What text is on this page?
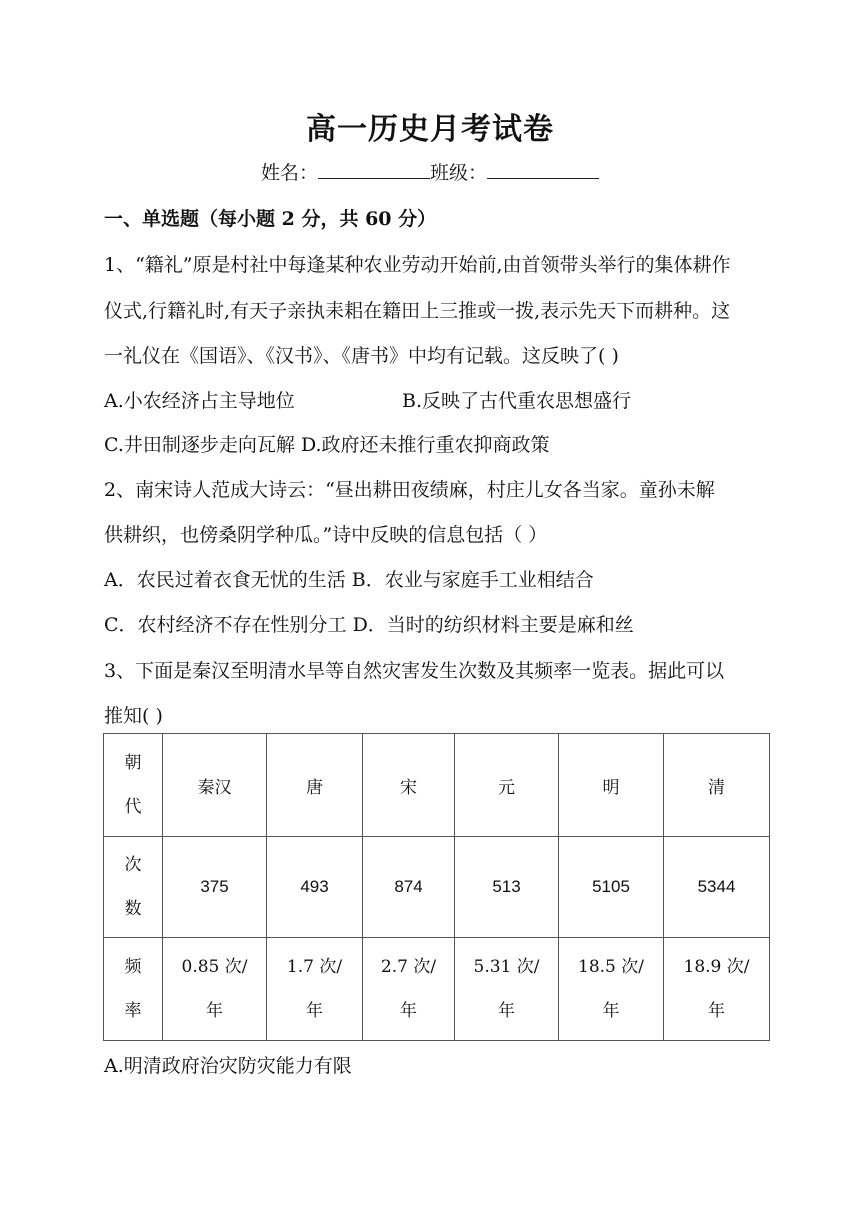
高一历史月考试卷
姓名：	班级：
一、单选题（每小题 2 分，共 60 分）
1、“籍礼”原是村社中每逢某种农业劳动开始前,由首领带头举行的集体耕作
仪式,行籍礼时,有天子亲执耒耜在籍田上三推或一拨,表示先天下而耕种。这
一礼仪在《国语》、《汉书》、《唐书》中均有记载。这反映了( )
A.小农经济占主导地位	B.反映了古代重农思想盛行
C.井田制逐步走向瓦解 D.政府还未推行重农抑商政策
2、南宋诗人范成大诗云：“昼出耕田夜绩麻，村庄儿女各当家。童孙未解
供耕织，也傍桑阴学种瓜。”诗中反映的信息包括（ ）
A．农民过着衣食无忧的生活 B．农业与家庭手工业相结合
C．农村经济不存在性别分工 D．当时的纺织材料主要是麻和丝
3、下面是秦汉至明清水旱等自然灾害发生次数及其频率一览表。据此可以
推知( )
朝
代	秦汉	唐	宋	元	明	清
次
数	375	493	874	513	5105	5344
频
率	0.85 次/
年	1.7 次/
年	2.7 次/
年	5.31 次/
年	18.5 次/
年	18.9 次/
年
A.明清政府治灾防灾能力有限
